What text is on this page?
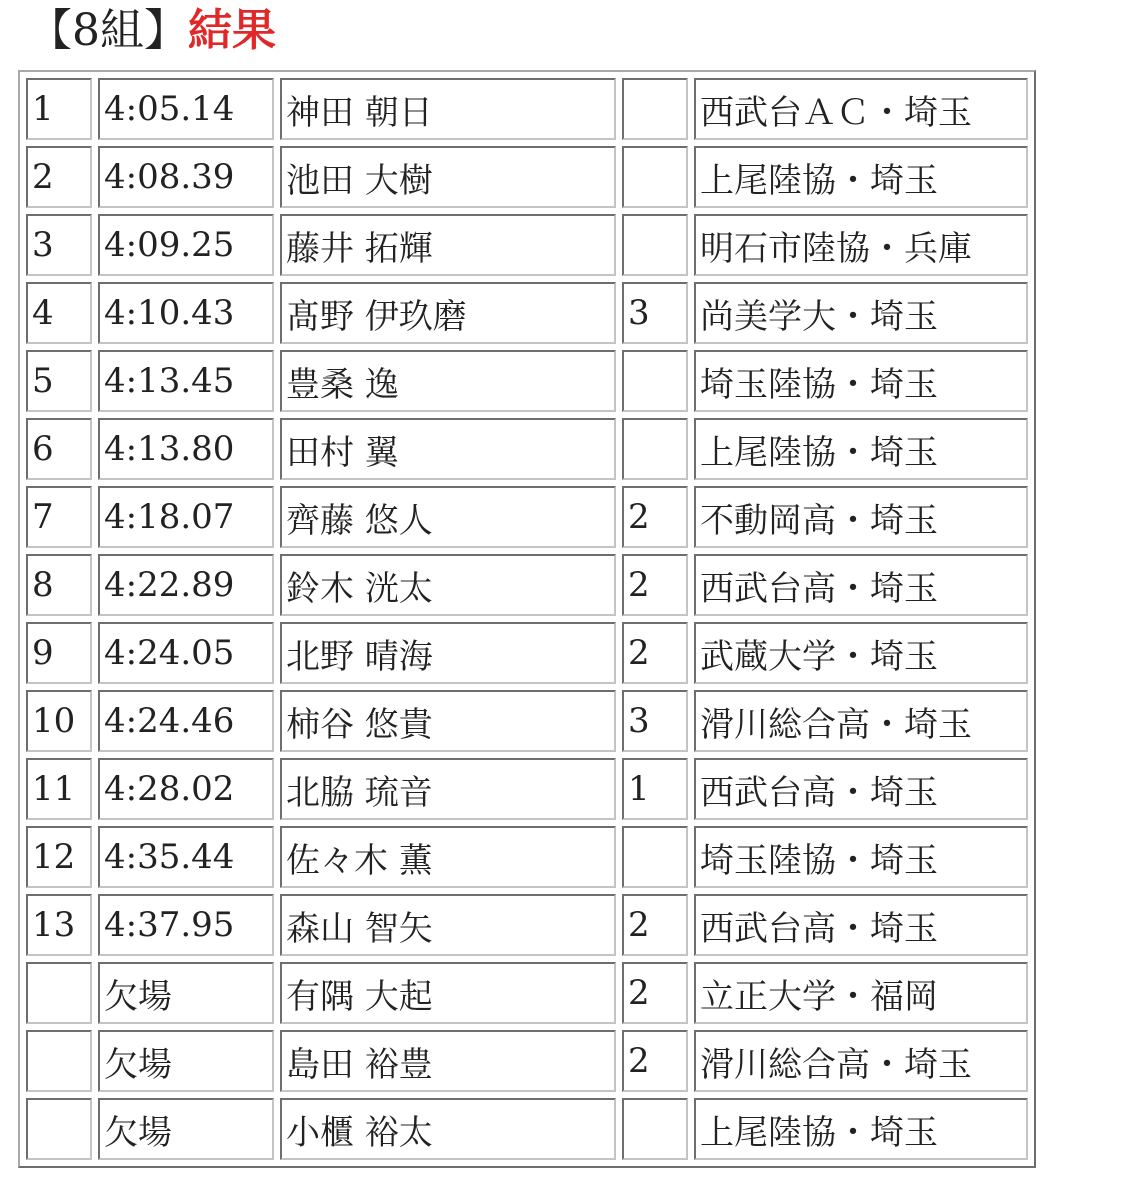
【8組】結果
1	4:05.14	神田 朝日		西武台ＡＣ・埼玉
2	4:08.39	池田 大樹		上尾陸協・埼玉
3	4:09.25	藤井 拓輝		明石市陸協・兵庫
4	4:10.43	髙野 伊玖磨	3	尚美学大・埼玉
5	4:13.45	豊桑 逸		埼玉陸協・埼玉
6	4:13.80	田村 翼		上尾陸協・埼玉
7	4:18.07	齊藤 悠人	2	不動岡高・埼玉
8	4:22.89	鈴木 洸太	2	西武台高・埼玉
9	4:24.05	北野 晴海	2	武蔵大学・埼玉
10	4:24.46	柿谷 悠貴	3	滑川総合高・埼玉
11	4:28.02	北脇 琉音	1	西武台高・埼玉
12	4:35.44	佐々木 薫		埼玉陸協・埼玉
13	4:37.95	森山 智矢	2	西武台高・埼玉
	欠場	有隅 大起	2	立正大学・福岡
	欠場	島田 裕豊	2	滑川総合高・埼玉
	欠場	小櫃 裕太		上尾陸協・埼玉
